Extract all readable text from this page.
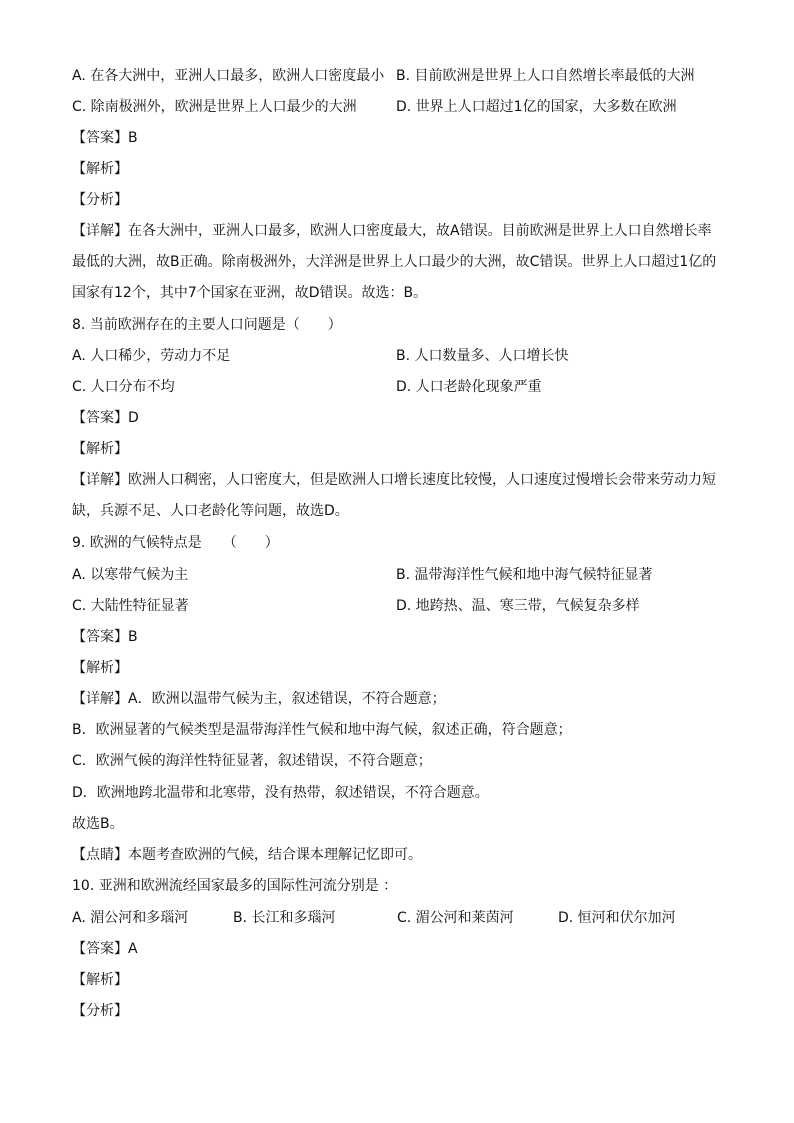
A. 在各大洲中，亚洲人口最多，欧洲人口密度最小 B. 目前欧洲是世界上人口自然增长率最低的大洲
C. 除南极洲外，欧洲是世界上人口最少的大洲	D. 世界上人口超过1亿的国家，大多数在欧洲
【答案】B
【解析】
【分析】
【详解】在各大洲中，亚洲人口最多，欧洲人口密度最大，故A错误。目前欧洲是世界上人口自然增长率最低的大洲，故B正确。除南极洲外，大洋洲是世界上人口最少的大洲，故C错误。世界上人口超过1亿的国家有12个，其中7个国家在亚洲，故D错误。故选：B。
8. 当前欧洲存在的主要人口问题是（　　）
A. 人口稀少，劳动力不足	B. 人口数量多、人口增长快
C. 人口分布不均	D. 人口老龄化现象严重
【答案】D
【解析】
【详解】欧洲人口稠密，人口密度大，但是欧洲人口增长速度比较慢，人口速度过慢增长会带来劳动力短缺，兵源不足、人口老龄化等问题，故选D。
9. 欧洲的气候特点是　　（　　）
A. 以寒带气候为主	B. 温带海洋性气候和地中海气候特征显著
C. 大陆性特征显著	D. 地跨热、温、寒三带，气候复杂多样
【答案】B
【解析】
【详解】A．欧洲以温带气候为主，叙述错误，不符合题意；
B．欧洲显著的气候类型是温带海洋性气候和地中海气候，叙述正确，符合题意；
C．欧洲气候的海洋性特征显著，叙述错误，不符合题意；
D．欧洲地跨北温带和北寒带，没有热带，叙述错误，不符合题意。
故选B。
【点睛】本题考查欧洲的气候，结合课本理解记忆即可。
10. 亚洲和欧洲流经国家最多的国际性河流分别是 ：
A. 湄公河和多瑙河	B. 长江和多瑙河	C. 湄公河和莱茵河	D. 恒河和伏尔加河
【答案】A
【解析】
【分析】
